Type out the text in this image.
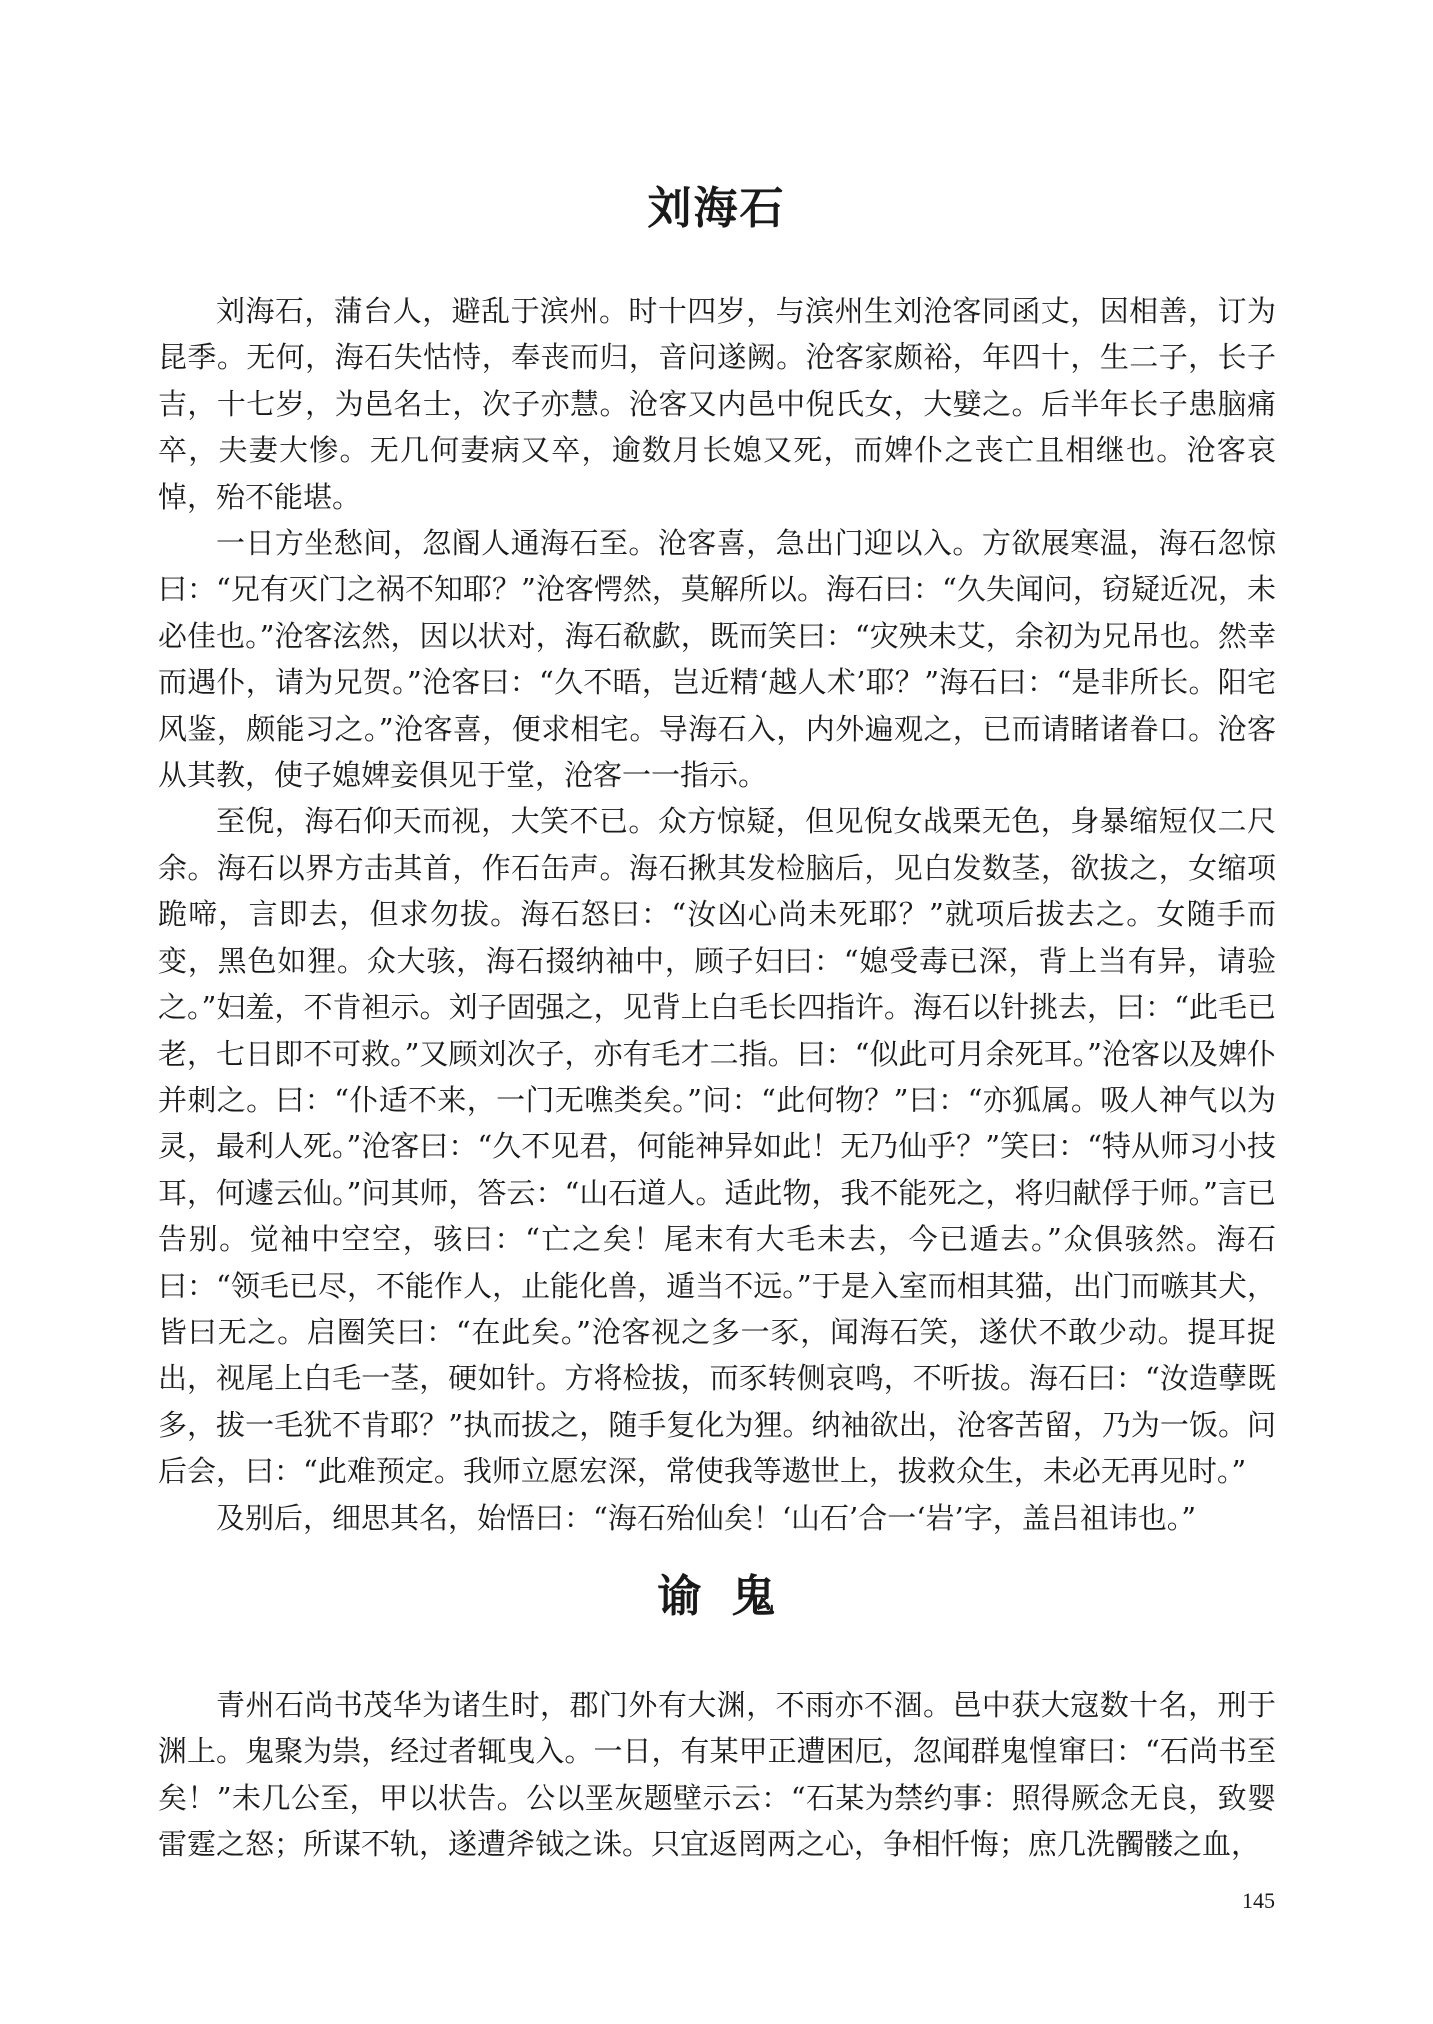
刘海石

刘海石，蒲台人，避乱于滨州。时十四岁，与滨州生刘沧客同函丈，因相善，订为昆季。无何，海石失怙恃，奉丧而归，音问遂阙。沧客家颇裕，年四十，生二子，长子吉，十七岁，为邑名士，次子亦慧。沧客又内邑中倪氏女，大嬖之。后半年长子患脑痛卒，夫妻大惨。无几何妻病又卒，逾数月长媳又死，而婢仆之丧亡且相继也。沧客哀悼，殆不能堪。

一日方坐愁间，忽阍人通海石至。沧客喜，急出门迎以入。方欲展寒温，海石忽惊曰：“兄有灭门之祸不知耶？”沧客愕然，莫解所以。海石曰：“久失闻问，窃疑近况，未必佳也。”沧客泫然，因以状对，海石欷歔，既而笑曰：“灾殃未艾，余初为兄吊也。然幸而遇仆，请为兄贺。”沧客曰：“久不晤，岂近精‘越人术’耶？”海石曰：“是非所长。阳宅风鉴，颇能习之。”沧客喜，便求相宅。导海石入，内外遍观之，已而请睹诸眷口。沧客从其教，使子媳婢妾俱见于堂，沧客一一指示。

至倪，海石仰天而视，大笑不已。众方惊疑，但见倪女战栗无色，身暴缩短仅二尺余。海石以界方击其首，作石缶声。海石揪其发检脑后，见白发数茎，欲拔之，女缩项跪啼，言即去，但求勿拔。海石怒曰：“汝凶心尚未死耶？”就项后拔去之。女随手而变，黑色如狸。众大骇，海石掇纳袖中，顾子妇曰：“媳受毒已深，背上当有异，请验之。”妇羞，不肯袒示。刘子固强之，见背上白毛长四指许。海石以针挑去，曰：“此毛已老，七日即不可救。”又顾刘次子，亦有毛才二指。曰：“似此可月余死耳。”沧客以及婢仆并刺之。曰：“仆适不来，一门无噍类矣。”问：“此何物？”曰：“亦狐属。吸人神气以为灵，最利人死。”沧客曰：“久不见君，何能神异如此！无乃仙乎？”笑曰：“特从师习小技耳，何遽云仙。”问其师，答云：“山石道人。适此物，我不能死之，将归献俘于师。”言已告别。觉袖中空空，骇曰：“亡之矣！尾末有大毛未去，今已遁去。”众俱骇然。海石曰：“领毛已尽，不能作人，止能化兽，遁当不远。”于是入室而相其猫，出门而嗾其犬，皆曰无之。启圈笑曰：“在此矣。”沧客视之多一豕，闻海石笑，遂伏不敢少动。提耳捉出，视尾上白毛一茎，硬如针。方将检拔，而豕转侧哀鸣，不听拔。海石曰：“汝造孽既多，拔一毛犹不肯耶？”执而拔之，随手复化为狸。纳袖欲出，沧客苦留，乃为一饭。问后会，曰：“此难预定。我师立愿宏深，常使我等遨世上，拔救众生，未必无再见时。”

及别后，细思其名，始悟曰：“海石殆仙矣！‘山石’合一‘岩’字，盖吕祖讳也。”

谕鬼

青州石尚书茂华为诸生时，郡门外有大渊，不雨亦不涸。邑中获大寇数十名，刑于渊上。鬼聚为祟，经过者辄曳入。一日，有某甲正遭困厄，忽闻群鬼惶窜曰：“石尚书至矣！”未几公至，甲以状告。公以垩灰题壁示云：“石某为禁约事：照得厥念无良，致婴雷霆之怒；所谋不轨，遂遭斧钺之诛。只宜返罔两之心，争相忏悔；庶几洗髑髅之血，

145
